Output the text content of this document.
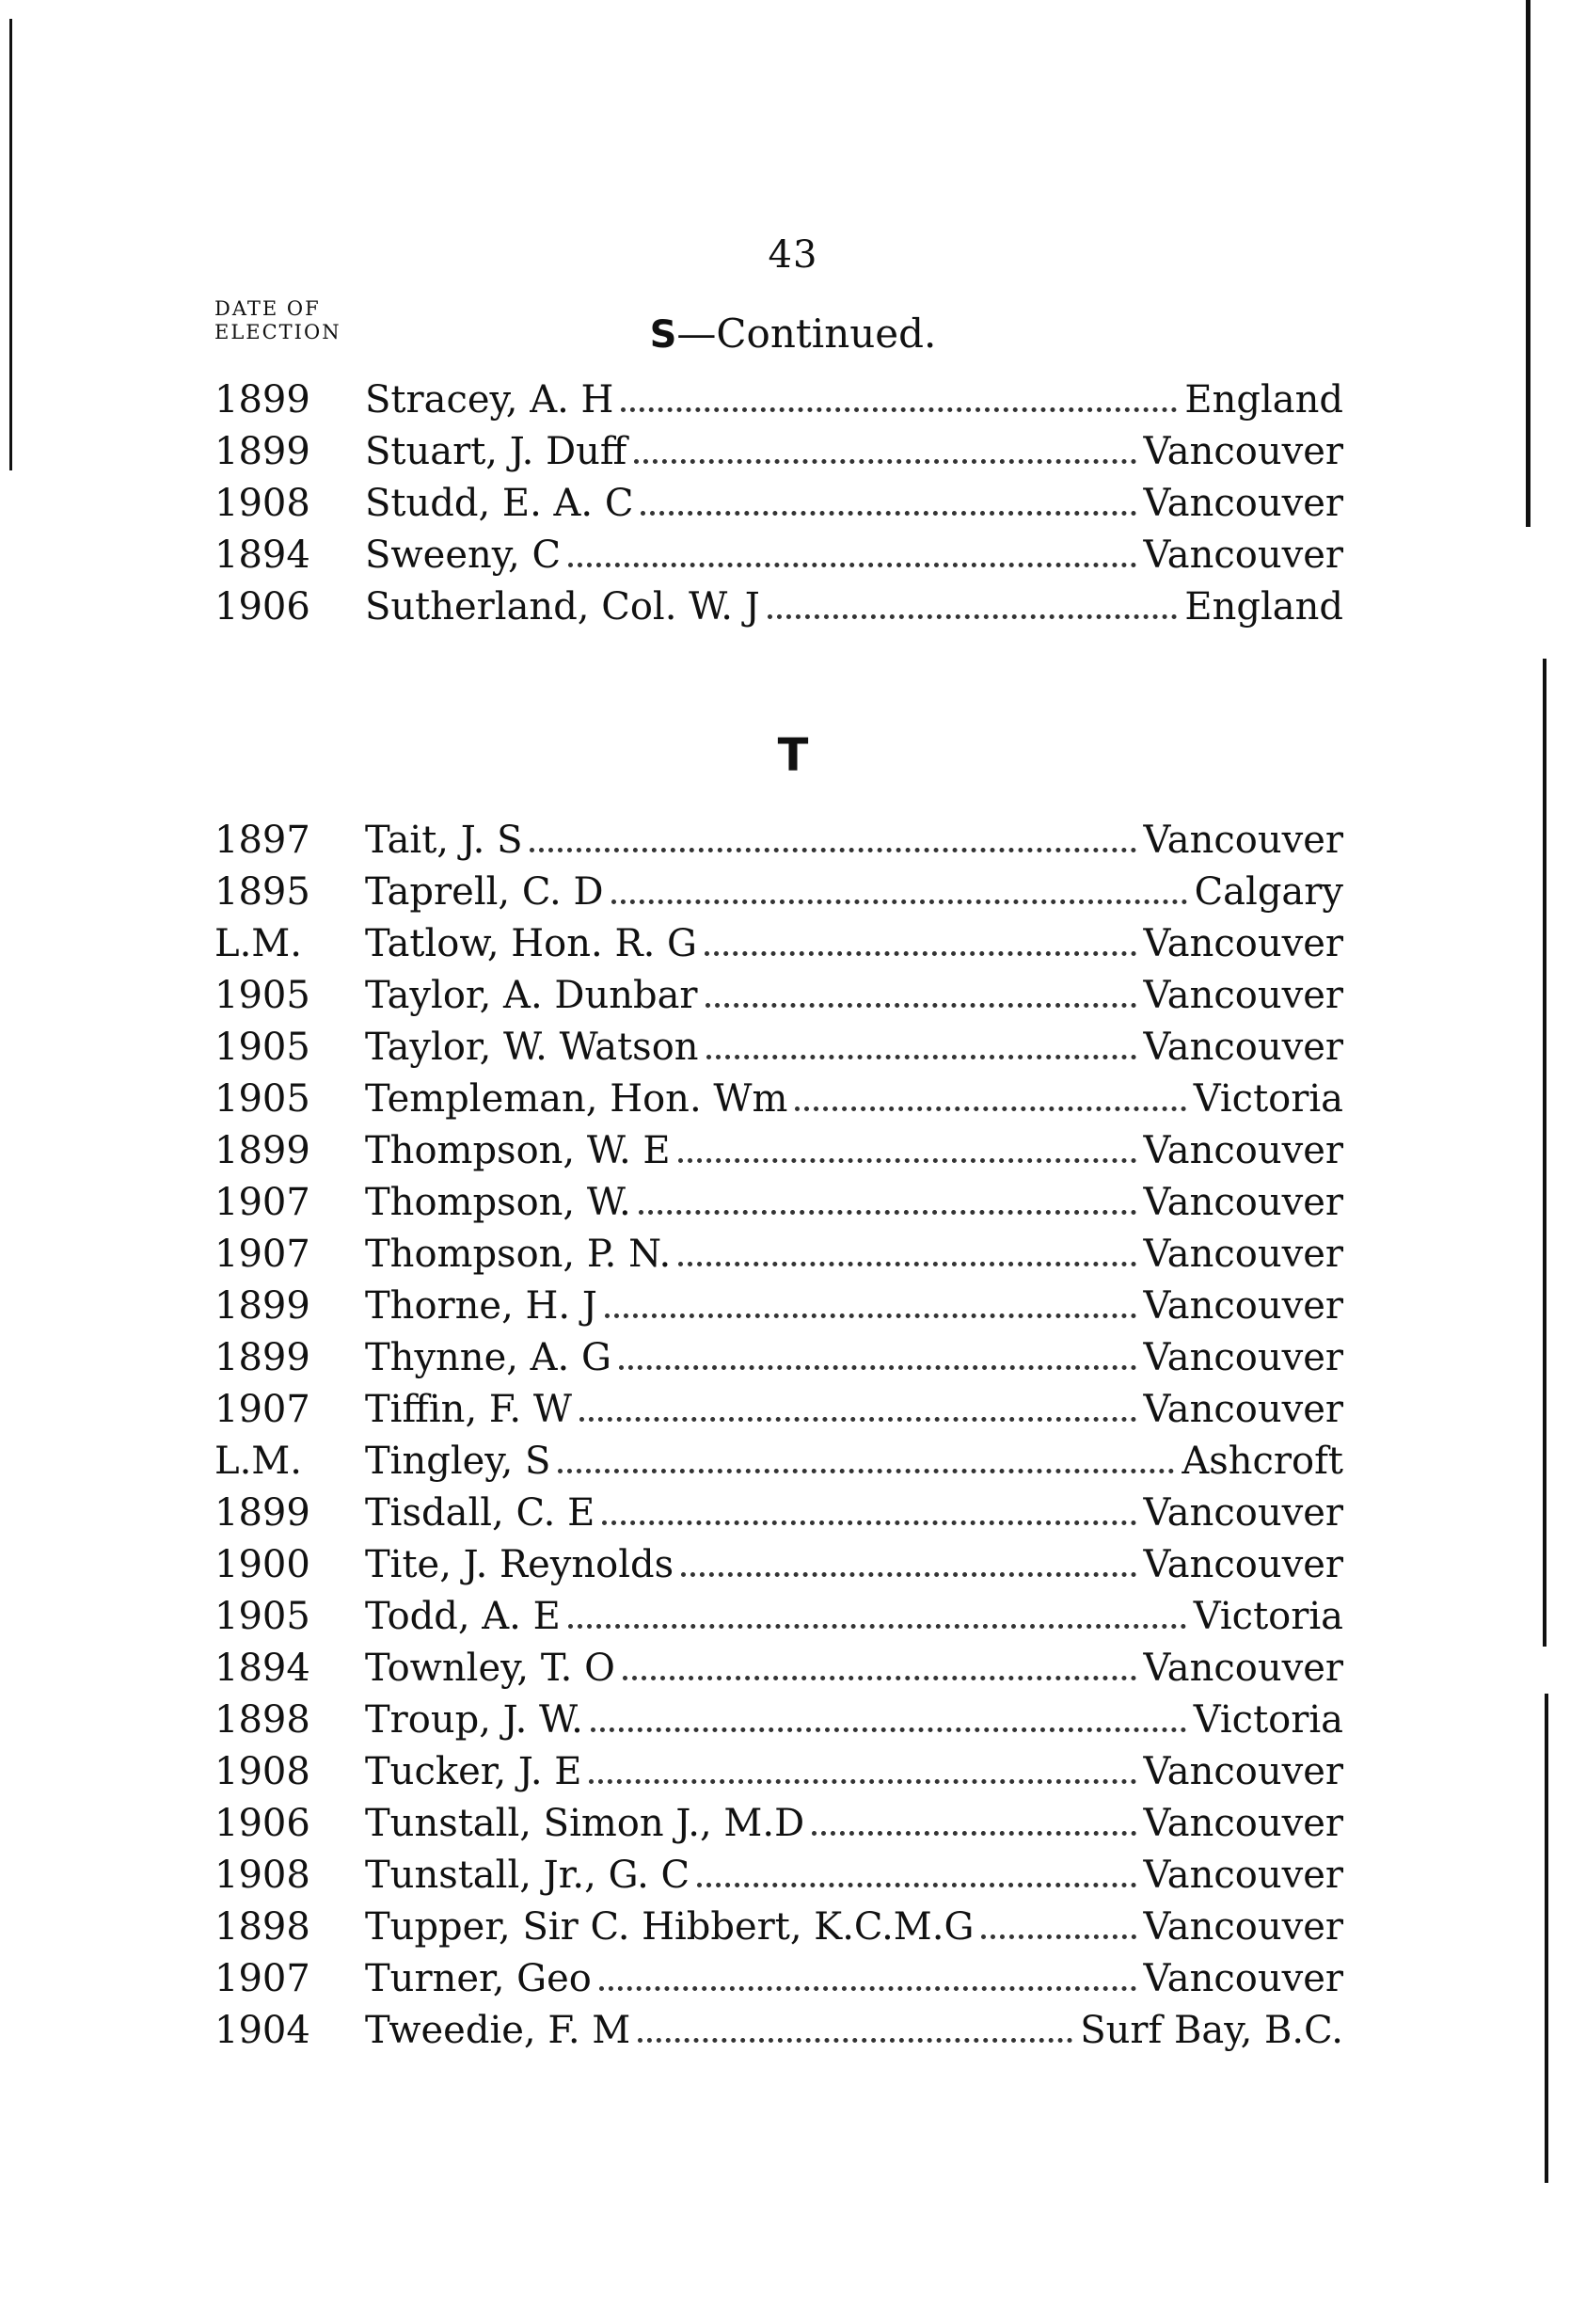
43
DATE OF
ELECTION	S—Continued.
1899	Stracey, A. H	England
1899	Stuart, J. Duff	Vancouver
1908	Studd, E. A. C	Vancouver
1894	Sweeny, C	Vancouver
1906	Sutherland, Col. W. J	England
T
1897	Tait, J. S	Vancouver
1895	Taprell, C. D	Calgary
L.M.	Tatlow, Hon. R. G	Vancouver
1905	Taylor, A. Dunbar	Vancouver
1905	Taylor, W. Watson	Vancouver
1905	Templeman, Hon. Wm	Victoria
1899	Thompson, W. E	Vancouver
1907	Thompson, W.	Vancouver
1907	Thompson, P. N.	Vancouver
1899	Thorne, H. J	Vancouver
1899	Thynne, A. G	Vancouver
1907	Tiffin, F. W	Vancouver
L.M.	Tingley, S	Ashcroft
1899	Tisdall, C. E	Vancouver
1900	Tite, J. Reynolds	Vancouver
1905	Todd, A. E	Victoria
1894	Townley, T. O	Vancouver
1898	Troup, J. W.	Victoria
1908	Tucker, J. E	Vancouver
1906	Tunstall, Simon J., M.D	Vancouver
1908	Tunstall, Jr., G. C	Vancouver
1898	Tupper, Sir C. Hibbert, K.C.M.G	Vancouver
1907	Turner, Geo	Vancouver
1904	Tweedie, F. M	Surf Bay, B.C.
